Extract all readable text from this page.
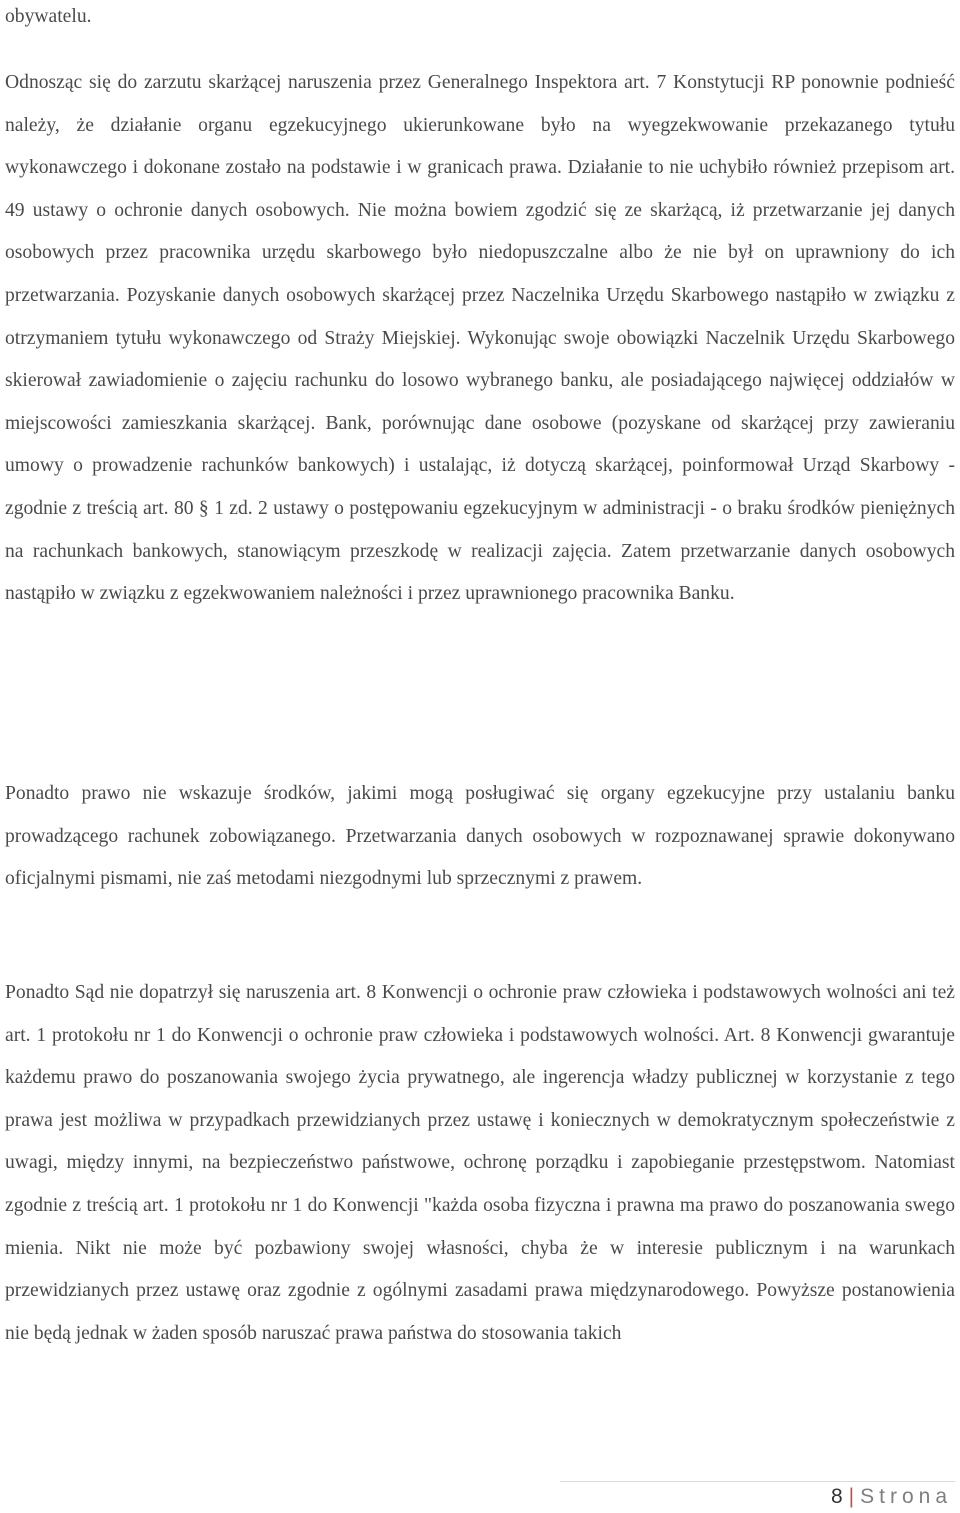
obywatelu.

Odnosząc się do zarzutu skarżącej naruszenia przez Generalnego Inspektora art. 7 Konstytucji RP ponownie podnieść należy, że działanie organu egzekucyjnego ukierunkowane było na wyegzekwowanie przekazanego tytułu wykonawczego i dokonane zostało na podstawie i w granicach prawa. Działanie to nie uchybiło również przepisom art. 49 ustawy o ochronie danych osobowych. Nie można bowiem zgodzić się ze skarżącą, iż przetwarzanie jej danych osobowych przez pracownika urzędu skarbowego było niedopuszczalne albo że nie był on uprawniony do ich przetwarzania. Pozyskanie danych osobowych skarżącej przez Naczelnika Urzędu Skarbowego nastąpiło w związku z otrzymaniem tytułu wykonawczego od Straży Miejskiej. Wykonując swoje obowiązki Naczelnik Urzędu Skarbowego skierował zawiadomienie o zajęciu rachunku do losowo wybranego banku, ale posiadającego najwięcej oddziałów w miejscowości zamieszkania skarżącej. Bank, porównując dane osobowe (pozyskane od skarżącej przy zawieraniu umowy o prowadzenie rachunków bankowych) i ustalając, iż dotyczą skarżącej, poinformował Urząd Skarbowy - zgodnie z treścią art. 80 § 1 zd. 2 ustawy o postępowaniu egzekucyjnym w administracji - o braku środków pieniężnych na rachunkach bankowych, stanowiącym przeszkodę w realizacji zajęcia. Zatem przetwarzanie danych osobowych nastąpiło w związku z egzekwowaniem należności i przez uprawnionego pracownika Banku.

Ponadto prawo nie wskazuje środków, jakimi mogą posługiwać się organy egzekucyjne przy ustalaniu banku prowadzącego rachunek zobowiązanego. Przetwarzania danych osobowych w rozpoznawanej sprawie dokonywano oficjalnymi pismami, nie zaś metodami niezgodnymi lub sprzecznymi z prawem.

Ponadto Sąd nie dopatrzył się naruszenia art. 8 Konwencji o ochronie praw człowieka i podstawowych wolności ani też art. 1 protokołu nr 1 do Konwencji o ochronie praw człowieka i podstawowych wolności. Art. 8 Konwencji gwarantuje każdemu prawo do poszanowania swojego życia prywatnego, ale ingerencja władzy publicznej w korzystanie z tego prawa jest możliwa w przypadkach przewidzianych przez ustawę i koniecznych w demokratycznym społeczeństwie z uwagi, między innymi, na bezpieczeństwo państwowe, ochronę porządku i zapobieganie przestępstwom. Natomiast zgodnie z treścią art. 1 protokołu nr 1 do Konwencji "każda osoba fizyczna i prawna ma prawo do poszanowania swego mienia. Nikt nie może być pozbawiony swojej własności, chyba że w interesie publicznym i na warunkach przewidzianych przez ustawę oraz zgodnie z ogólnymi zasadami prawa międzynarodowego. Powyższe postanowienia nie będą jednak w żaden sposób naruszać prawa państwa do stosowania takich

8 | Strona
